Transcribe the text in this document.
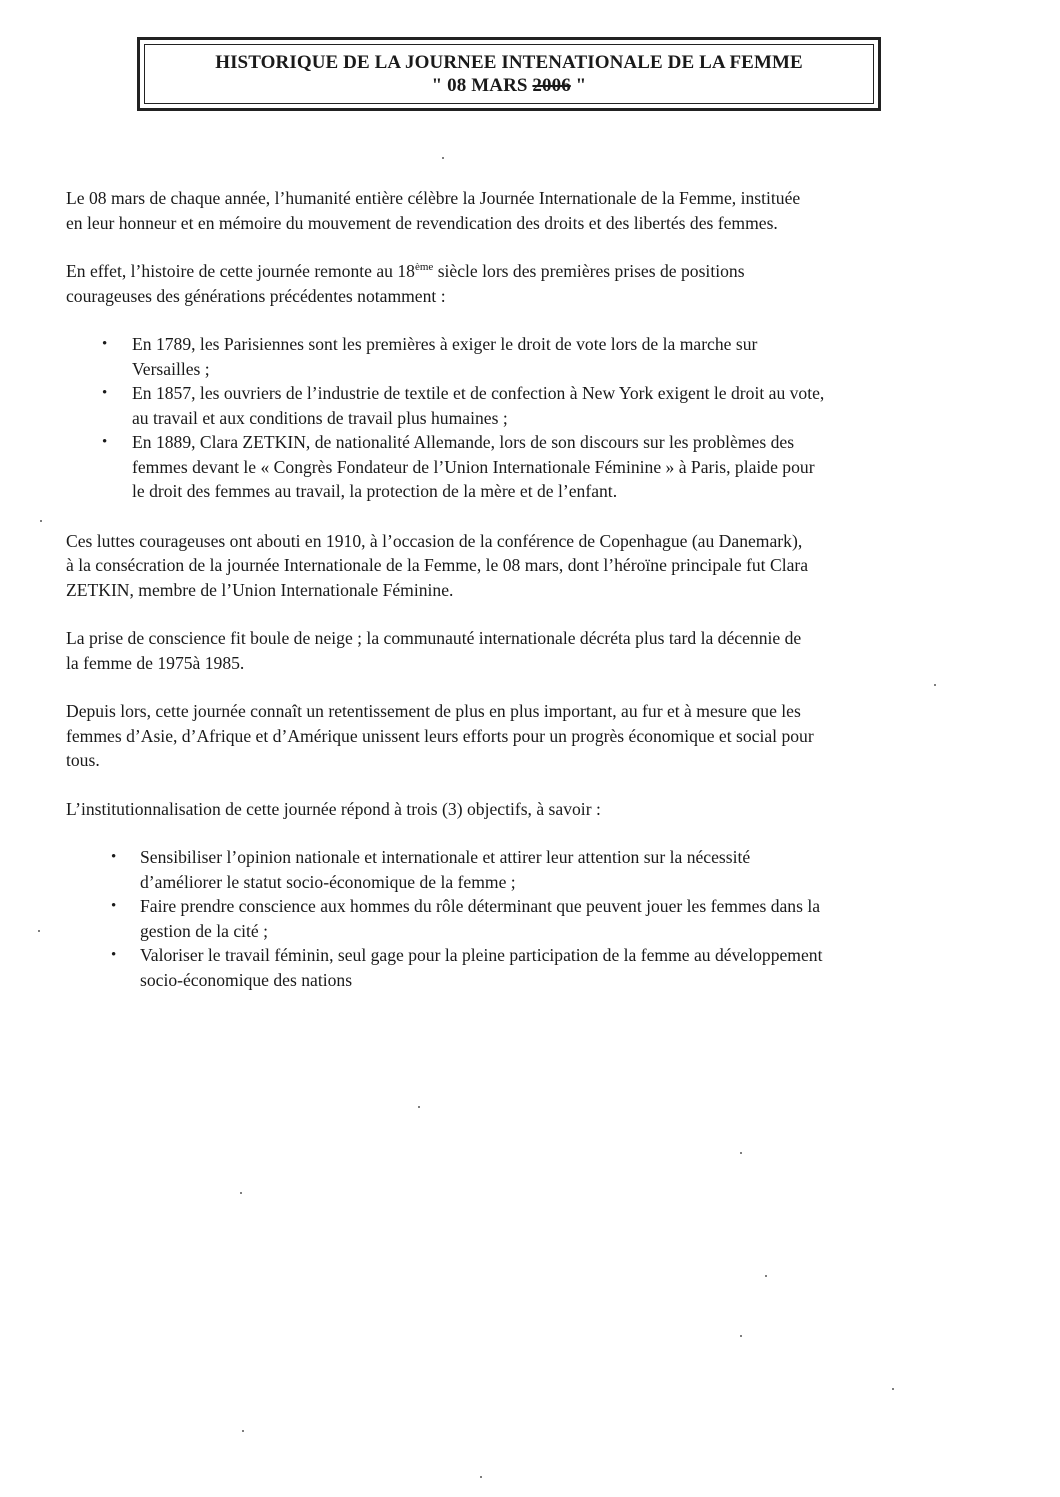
HISTORIQUE DE LA JOURNEE INTENATIONALE DE LA FEMME
" 08 MARS 2006 "

Le 08 mars de chaque année, l’humanité entière célèbre la Journée Internationale de la Femme, instituée
en leur honneur et en mémoire du mouvement de revendication des droits et des libertés des femmes.

En effet, l’histoire de cette journée remonte au 18ème siècle lors des premières prises de positions
courageuses des générations précédentes notamment :

• En 1789, les Parisiennes sont les premières à exiger le droit de vote lors de la marche sur
Versailles ;
• En 1857, les ouvriers de l’industrie de textile et de confection à New York exigent le droit au vote,
au travail et aux conditions de travail plus humaines ;
• En 1889, Clara ZETKIN, de nationalité Allemande, lors de son discours sur les problèmes des
femmes devant le « Congrès Fondateur de l’Union Internationale Féminine » à Paris, plaide pour
le droit des femmes au travail, la protection de la mère et de l’enfant.

Ces luttes courageuses ont abouti en 1910, à l’occasion de la conférence de Copenhague (au Danemark),
à la consécration de la journée Internationale de la Femme, le 08 mars, dont l’héroïne principale fut Clara
ZETKIN, membre de l’Union Internationale Féminine.

La prise de conscience fit boule de neige ; la communauté internationale décréta plus tard la décennie de
la femme de 1975à 1985.

Depuis lors, cette journée connaît un retentissement de plus en plus important, au fur et à mesure que les
femmes d’Asie, d’Afrique et d’Amérique unissent leurs efforts pour un progrès économique et social pour
tous.

L’institutionnalisation de cette journée répond à trois (3) objectifs, à savoir :

• Sensibiliser l’opinion nationale et internationale et attirer leur attention sur la nécessité
d’améliorer le statut socio-économique de la femme ;
• Faire prendre conscience aux hommes du rôle déterminant que peuvent jouer les femmes dans la
gestion de la cité ;
• Valoriser le travail féminin, seul gage pour la pleine participation de la femme au développement
socio-économique des nations
